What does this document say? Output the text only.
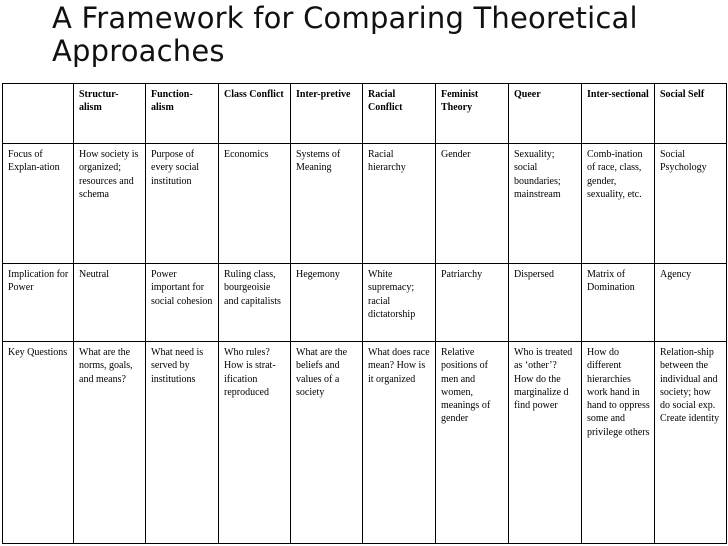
A Framework for Comparing Theoretical
Approaches
	Structur-alism	Function-alism	Class Conflict	Inter-pretive	Racial Conflict	Feminist Theory	Queer	Inter-sectional	Social Self
Focus of Explan-ation	How society is organized; resources and schema	Purpose of every social institution	Economics	Systems of Meaning	Racial hierarchy	Gender	Sexuality; social boundaries; mainstream	Comb-ination of race, class, gender, sexuality, etc.	Social Psychology
Implication for Power	Neutral	Power important for social cohesion	Ruling class, bourgeoisie and capitalists	Hegemony	White supremacy; racial dictatorship	Patriarchy	Dispersed	Matrix of Domination	Agency
Key Questions	What are the norms, goals, and means?	What need is served by institutions	Who rules? How is strat-ification reproduced	What are the beliefs and values of a society	What does race mean? How is it organized	Relative positions of men and women, meanings of gender	Who is treated as ‘other’? How do the marginalize d find power	How do different hierarchies work hand in hand to oppress some and privilege others	Relation-ship between the individual and society; how do social exp. Create identity
